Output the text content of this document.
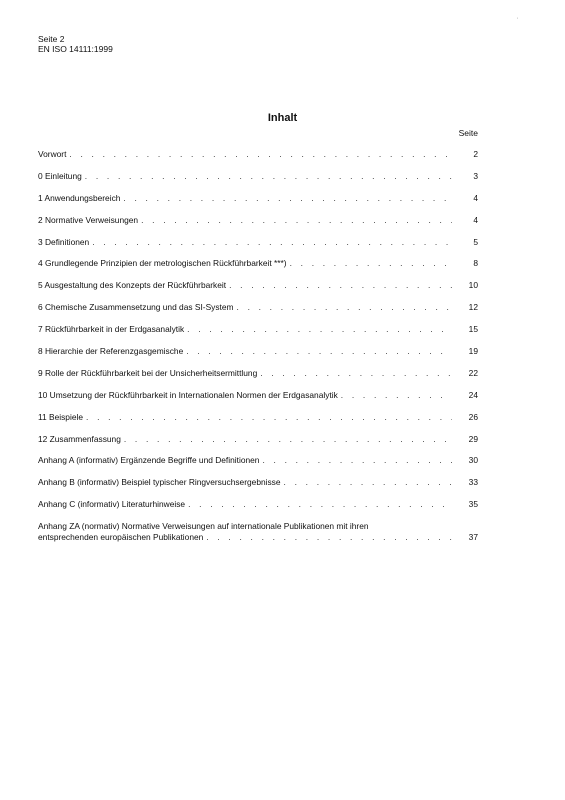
'
Seite 2
EN ISO 14111:1999
Inhalt
Seite
Vorwort . . .	2
0 Einleitung . . .	3
1 Anwendungsbereich . . .	4
2 Normative Verweisungen . . .	4
3 Definitionen . . .	5
4 Grundlegende Prinzipien der metrologischen Rückführbarkeit ***) . . .	8
5 Ausgestaltung des Konzepts der Rückführbarkeit . . .	10
6 Chemische Zusammensetzung und das SI-System . . .	12
7 Rückführbarkeit in der Erdgasanalytik . . .	15
8 Hierarchie der Referenzgasgemische . . .	19
9 Rolle der Rückführbarkeit bei der Unsicherheitsermittlung . . .	22
10 Umsetzung der Rückführbarkeit in Internationalen Normen der Erdgasanalytik . . .	24
11 Beispiele . . .	26
12 Zusammenfassung . . .	29
Anhang A (informativ) Ergänzende Begriffe und Definitionen . . .	30
Anhang B (informativ) Beispiel typischer Ringversuchsergebnisse . . .	33
Anhang C (informativ) Literaturhinweise . . .	35
Anhang ZA (normativ) Normative Verweisungen auf internationale Publikationen mit ihren
entsprechenden europäischen Publikationen . . .	37
